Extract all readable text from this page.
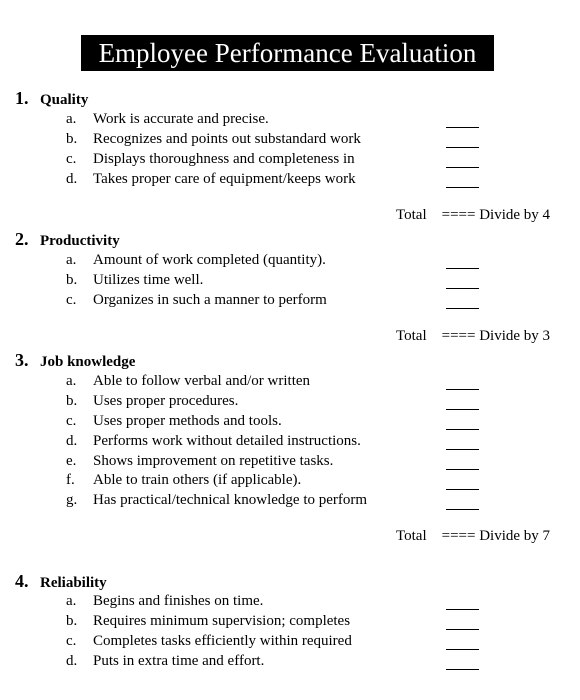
Employee Performance Evaluation
1. Quality
a. Work is accurate and precise.
b. Recognizes and points out substandard work
c. Displays thoroughness and completeness in
d. Takes proper care of equipment/keeps work
Total ==== Divide by 4
2. Productivity
a. Amount of work completed (quantity).
b. Utilizes time well.
c. Organizes in such a manner to perform
Total ==== Divide by 3
3. Job knowledge
a. Able to follow verbal and/or written
b. Uses proper procedures.
c. Uses proper methods and tools.
d. Performs work without detailed instructions.
e. Shows improvement on repetitive tasks.
f. Able to train others (if applicable).
g. Has practical/technical knowledge to perform
Total ==== Divide by 7
4. Reliability
a. Begins and finishes on time.
b. Requires minimum supervision; completes
c. Completes tasks efficiently within required
d. Puts in extra time and effort.
